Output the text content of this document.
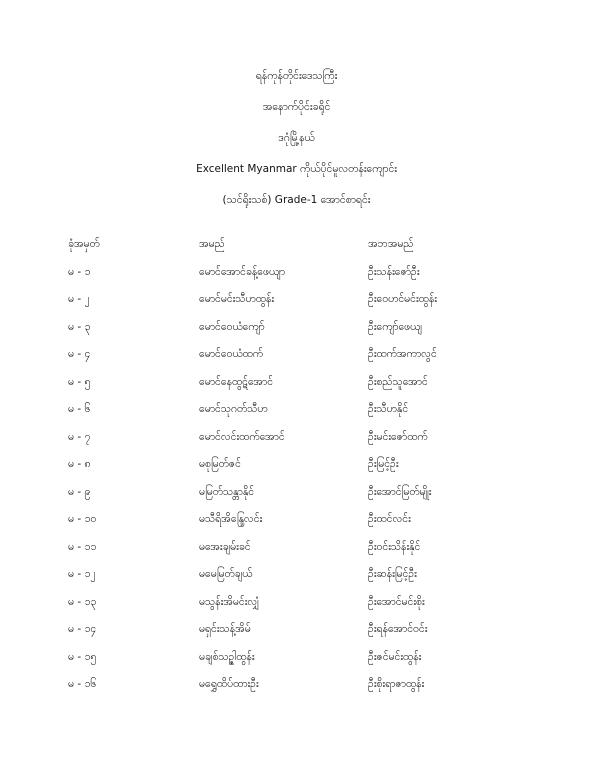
ရန်ကုန်တိုင်းဒေသကြီး

အနောက်ပိုင်းခရိုင်

ဒဂုံမြို့နယ်

Excellent Myanmar ကိုယ်ပိုင်မူလတန်းကျောင်း

(သင်ရိုးသစ်) Grade-1 အောင်စာရင်း

ခုံအမှတ်	အမည်	အဘအမည်
မ - ၁	မောင်အောင်ခန့်ဖေယျာ	ဦးသန်းဇော်ဦး
မ - ၂	မောင်မင်းသီဟထွန်း	ဦးဝေဟင်မင်းထွန်း
မ - ၃	မောင်ဝေယံကျော်	ဦးကျော်ဖေယျ
မ - ၄	မောင်ဝေယံထက်	ဦးထက်အကာလွင်
မ - ၅	မောင်နေထွဋ်အောင်	ဦးစည်သူအောင်
မ - ၆	မောင်သုဂတ်သီဟ	ဦးသီဟနိုင်
မ - ၇	မောင်လင်းထက်အောင်	ဦးမင်းဇော်ထက်
မ - ၈	မစုမြတ်ဇင်	ဦးမြင့်ဦး
မ - ၉	မမြတ်သန္တာနိုင်	ဦးအောင်မြတ်မျိုး
မ - ၁၀	မသီရိအိန္ဒြေလင်း	ဦးထင်လင်း
မ - ၁၁	မအေးချမ်းခင်	ဦးဝင်းသိန်းနိုင်
မ - ၁၂	မမေမြတ်ချယ်	ဦးဆန်းမြင့်ဦး
မ - ၁၃	မသွန်းအိမင်းလျှံ	ဦးအောင်မင်းစိုး
မ - ၁၄	မရှင်းသန့်အိမ်	ဦးရန်အောင်ဝင်း
မ - ၁၅	မချစ်သဥ္ဇါထွန်း	ဦးဇင်မင်းထွန်း
မ - ၁၆	မရွှေထိပ်ထားဦး	ဦးစိုးရာဇာထွန်း
